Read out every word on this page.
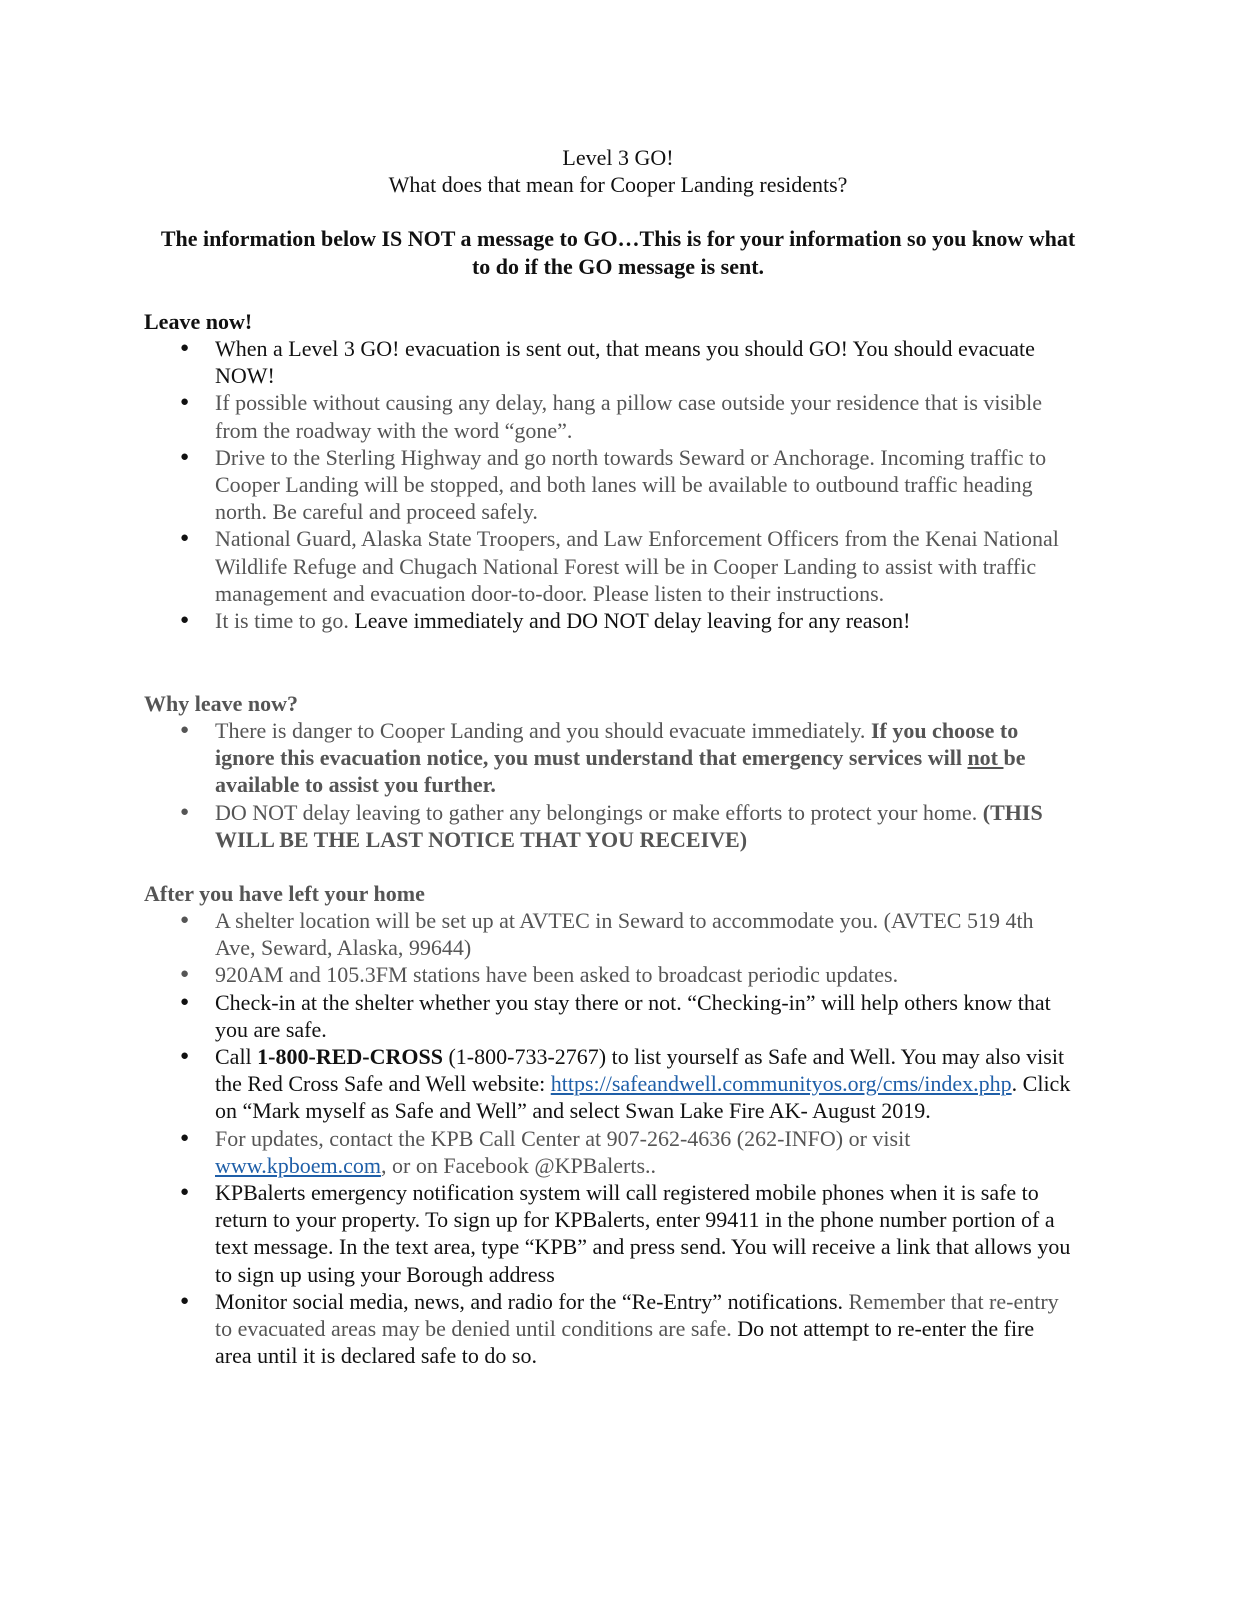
Level 3 GO!
What does that mean for Cooper Landing residents?
The information below IS NOT a message to GO…This is for your information so you know what to do if the GO message is sent.
Leave now!
● When a Level 3 GO! evacuation is sent out, that means you should GO! You should evacuate NOW!
● If possible without causing any delay, hang a pillow case outside your residence that is visible from the roadway with the word “gone”.
● Drive to the Sterling Highway and go north towards Seward or Anchorage. Incoming traffic to Cooper Landing will be stopped, and both lanes will be available to outbound traffic heading north. Be careful and proceed safely.
● National Guard, Alaska State Troopers, and Law Enforcement Officers from the Kenai National Wildlife Refuge and Chugach National Forest will be in Cooper Landing to assist with traffic management and evacuation door-to-door. Please listen to their instructions.
● It is time to go. Leave immediately and DO NOT delay leaving for any reason!
Why leave now?
● There is danger to Cooper Landing and you should evacuate immediately. If you choose to ignore this evacuation notice, you must understand that emergency services will not be available to assist you further.
● DO NOT delay leaving to gather any belongings or make efforts to protect your home. (THIS WILL BE THE LAST NOTICE THAT YOU RECEIVE)
After you have left your home
● A shelter location will be set up at AVTEC in Seward to accommodate you. (AVTEC 519 4th Ave, Seward, Alaska, 99644)
● 920AM and 105.3FM stations have been asked to broadcast periodic updates.
● Check-in at the shelter whether you stay there or not. “Checking-in” will help others know that you are safe.
● Call 1-800-RED-CROSS (1-800-733-2767) to list yourself as Safe and Well. You may also visit the Red Cross Safe and Well website: https://safeandwell.communityos.org/cms/index.php. Click on “Mark myself as Safe and Well” and select Swan Lake Fire AK- August 2019.
● For updates, contact the KPB Call Center at 907-262-4636 (262-INFO) or visit www.kpboem.com, or on Facebook @KPBalerts..
● KPBalerts emergency notification system will call registered mobile phones when it is safe to return to your property. To sign up for KPBalerts, enter 99411 in the phone number portion of a text message. In the text area, type “KPB” and press send. You will receive a link that allows you to sign up using your Borough address
● Monitor social media, news, and radio for the “Re-Entry” notifications. Remember that re-entry to evacuated areas may be denied until conditions are safe. Do not attempt to re-enter the fire area until it is declared safe to do so.
